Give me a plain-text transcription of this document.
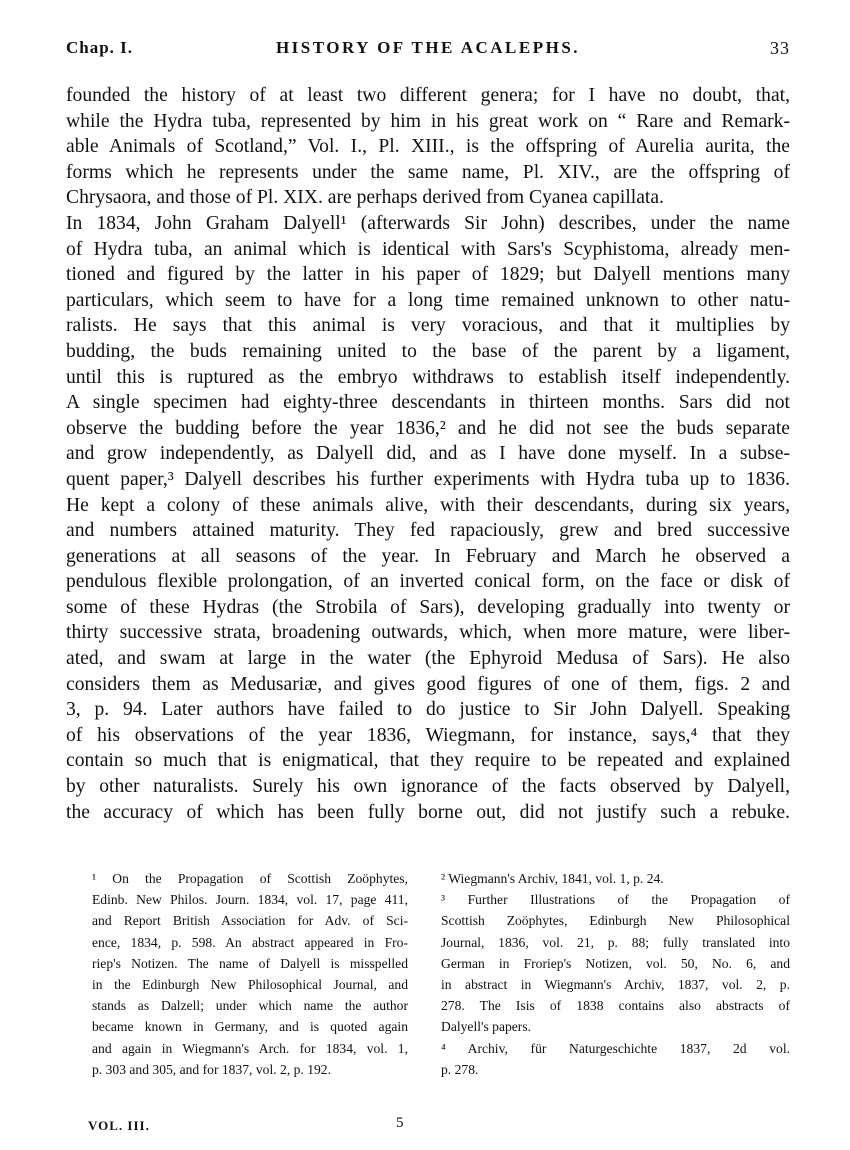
Chap. I.	HISTORY OF THE ACALEPHS.	33
founded the history of at least two different genera; for I have no doubt, that,
while the Hydra tuba, represented by him in his great work on “ Rare and Remark-
able Animals of Scotland,” Vol. I., Pl. XIII., is the offspring of Aurelia aurita, the
forms which he represents under the same name, Pl. XIV., are the offspring of
Chrysaora, and those of Pl. XIX. are perhaps derived from Cyanea capillata.
In 1834, John Graham Dalyell¹ (afterwards Sir John) describes, under the name
of Hydra tuba, an animal which is identical with Sars's Scyphistoma, already men-
tioned and figured by the latter in his paper of 1829; but Dalyell mentions many
particulars, which seem to have for a long time remained unknown to other natu-
ralists. He says that this animal is very voracious, and that it multiplies by
budding, the buds remaining united to the base of the parent by a ligament,
until this is ruptured as the embryo withdraws to establish itself independently.
A single specimen had eighty-three descendants in thirteen months. Sars did not
observe the budding before the year 1836,² and he did not see the buds separate
and grow independently, as Dalyell did, and as I have done myself. In a subse-
quent paper,³ Dalyell describes his further experiments with Hydra tuba up to 1836.
He kept a colony of these animals alive, with their descendants, during six years,
and numbers attained maturity. They fed rapaciously, grew and bred successive
generations at all seasons of the year. In February and March he observed a
pendulous flexible prolongation, of an inverted conical form, on the face or disk of
some of these Hydras (the Strobila of Sars), developing gradually into twenty or
thirty successive strata, broadening outwards, which, when more mature, were liber-
ated, and swam at large in the water (the Ephyroid Medusa of Sars). He also
considers them as Medusariæ, and gives good figures of one of them, figs. 2 and
3, p. 94. Later authors have failed to do justice to Sir John Dalyell. Speaking
of his observations of the year 1836, Wiegmann, for instance, says,⁴ that they
contain so much that is enigmatical, that they require to be repeated and explained
by other naturalists. Surely his own ignorance of the facts observed by Dalyell,
the accuracy of which has been fully borne out, did not justify such a rebuke.
¹ On the Propagation of Scottish Zoöphytes,
Edinb. New Philos. Journ. 1834, vol. 17, page 411,
and Report British Association for Adv. of Sci-
ence, 1834, p. 598. An abstract appeared in Fro-
riep's Notizen. The name of Dalyell is misspelled
in the Edinburgh New Philosophical Journal, and
stands as Dalzell; under which name the author
became known in Germany, and is quoted again
and again in Wiegmann's Arch. for 1834, vol. 1,
p. 303 and 305, and for 1837, vol. 2, p. 192.
² Wiegmann's Archiv, 1841, vol. 1, p. 24.
³ Further Illustrations of the Propagation of
Scottish Zoöphytes, Edinburgh New Philosophical
Journal, 1836, vol. 21, p. 88; fully translated into
German in Froriep's Notizen, vol. 50, No. 6, and
in abstract in Wiegmann's Archiv, 1837, vol. 2, p.
278. The Isis of 1838 contains also abstracts of
Dalyell's papers.
⁴ Archiv, für Naturgeschichte 1837, 2d vol.
p. 278.
VOL. III.	5
